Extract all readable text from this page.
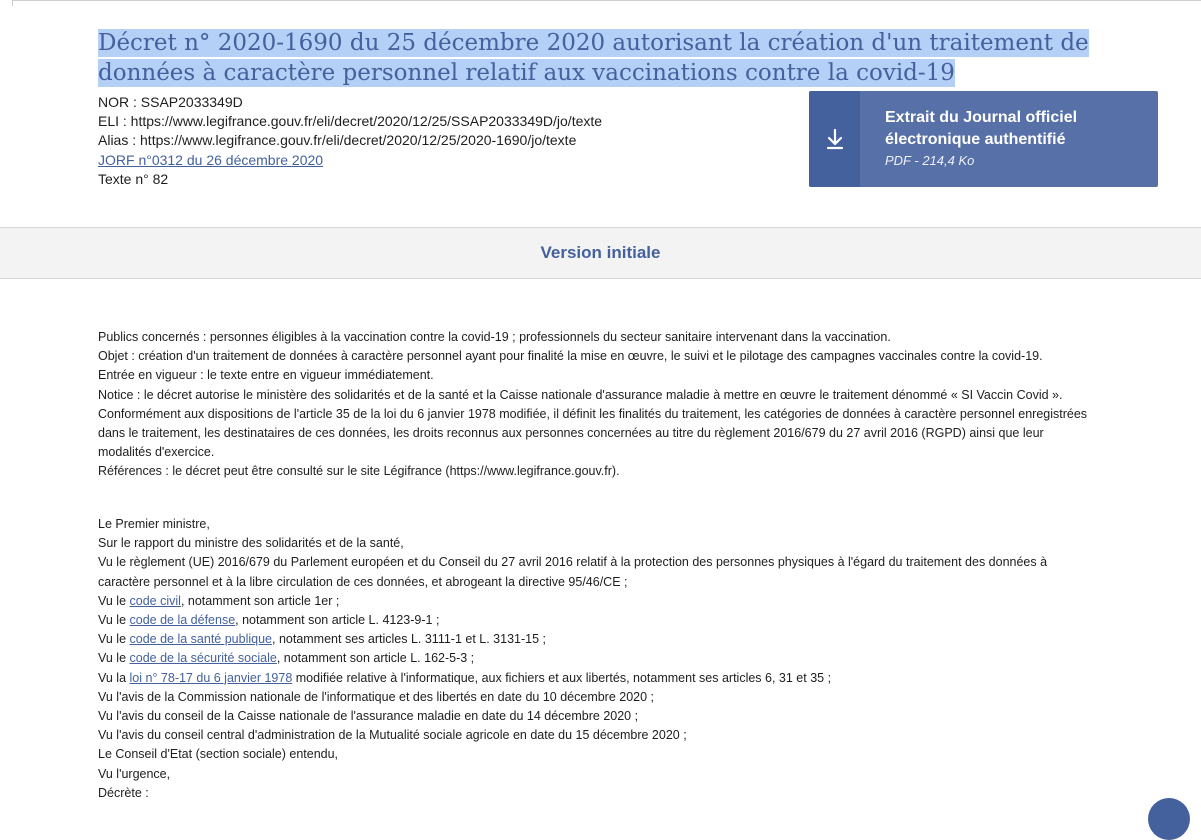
Décret n° 2020-1690 du 25 décembre 2020 autorisant la création d'un traitement de données à caractère personnel relatif aux vaccinations contre la covid-19
NOR : SSAP2033349D
ELI : https://www.legifrance.gouv.fr/eli/decret/2020/12/25/SSAP2033349D/jo/texte
Alias : https://www.legifrance.gouv.fr/eli/decret/2020/12/25/2020-1690/jo/texte
JORF n°0312 du 26 décembre 2020
Texte n° 82
Extrait du Journal officiel électronique authentifié
PDF - 214,4 Ko
Version initiale

Publics concernés : personnes éligibles à la vaccination contre la covid-19 ; professionnels du secteur sanitaire intervenant dans la vaccination.

Objet : création d'un traitement de données à caractère personnel ayant pour finalité la mise en œuvre, le suivi et le pilotage des campagnes vaccinales contre la covid-19.

Entrée en vigueur : le texte entre en vigueur immédiatement.

Notice : le décret autorise le ministère des solidarités et de la santé et la Caisse nationale d'assurance maladie à mettre en œuvre le traitement dénommé « SI Vaccin Covid ». Conformément aux dispositions de l'article 35 de la loi du 6 janvier 1978 modifiée, il définit les finalités du traitement, les catégories de données à caractère personnel enregistrées dans le traitement, les destinataires de ces données, les droits reconnus aux personnes concernées au titre du règlement 2016/679 du 27 avril 2016 (RGPD) ainsi que leur modalités d'exercice.

Références : le décret peut être consulté sur le site Légifrance (https://www.legifrance.gouv.fr).

Le Premier ministre,

Sur le rapport du ministre des solidarités et de la santé,

Vu le règlement (UE) 2016/679 du Parlement européen et du Conseil du 27 avril 2016 relatif à la protection des personnes physiques à l'égard du traitement des données à caractère personnel et à la libre circulation de ces données, et abrogeant la directive 95/46/CE ;

Vu le code civil, notamment son article 1er ;

Vu le code de la défense, notamment son article L. 4123-9-1 ;

Vu le code de la santé publique, notamment ses articles L. 3111-1 et L. 3131-15 ;

Vu le code de la sécurité sociale, notamment son article L. 162-5-3 ;

Vu la loi n° 78-17 du 6 janvier 1978 modifiée relative à l'informatique, aux fichiers et aux libertés, notamment ses articles 6, 31 et 35 ;

Vu l'avis de la Commission nationale de l'informatique et des libertés en date du 10 décembre 2020 ;

Vu l'avis du conseil de la Caisse nationale de l'assurance maladie en date du 14 décembre 2020 ;

Vu l'avis du conseil central d'administration de la Mutualité sociale agricole en date du 15 décembre 2020 ;

Le Conseil d'Etat (section sociale) entendu,

Vu l'urgence,

Décrète :
